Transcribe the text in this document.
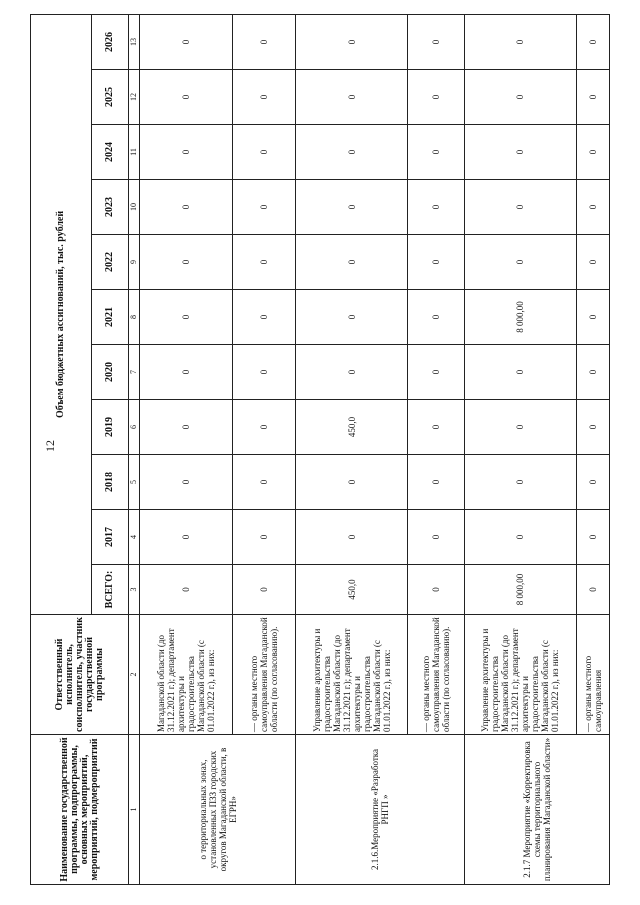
12
Наименование государственной программы, подпрограммы, основных мероприятий, мероприятий, подмероприятий	Ответственный исполнитель, соисполнитель, участник государственной программы	Объем бюджетных ассигнований, тыс. рублей										
		ВСЕГО:	2017	2018	2019	2020	2021	2022	2023	2024	2025	2026
1	2	3	4	5	6	7	8	9	10	11	12	13
о территориальных зонах, установленных ПЗЗ городских округов Магаданской области, в ЕГРН»	Магаданской области (до 31.12.2021 г.); департамент архитектуры и градостроительства Магаданской области (с 01.01.2022 г.), из них:	0	0	0	0	0	0	0	0	0	0	0
	— органы местного самоуправления Магаданской области (по согласованию).	0	0	0	0	0	0	0	0	0	0	0
2.1.6.Мероприятие «Разработка РНГП »	Управление архитектуры и градостроительства Магаданской области (до 31.12.2021 г.); департамент архитектуры и градостроительства Магаданской области (с 01.01.2022 г.), из них:	450,0	0	0	450,0	0	0	0	0	0	0	0
	— органы местного самоуправления Магаданской области (по согласованию).	0	0	0	0	0	0	0	0	0	0	0
2.1.7 Мероприятие «Корректировка схемы территориального планирования Магаданской области»	Управление архитектуры и градостроительства Магаданской области (до 31.12.2021 г.); департамент архитектуры и градостроительства Магаданской области (с 01.01.2022 г.), из них:	8 000,00	0	0	0	0	8 000,00	0	0	0	0	0
	— органы местного самоуправления	0	0	0	0	0	0	0	0	0	0	0
